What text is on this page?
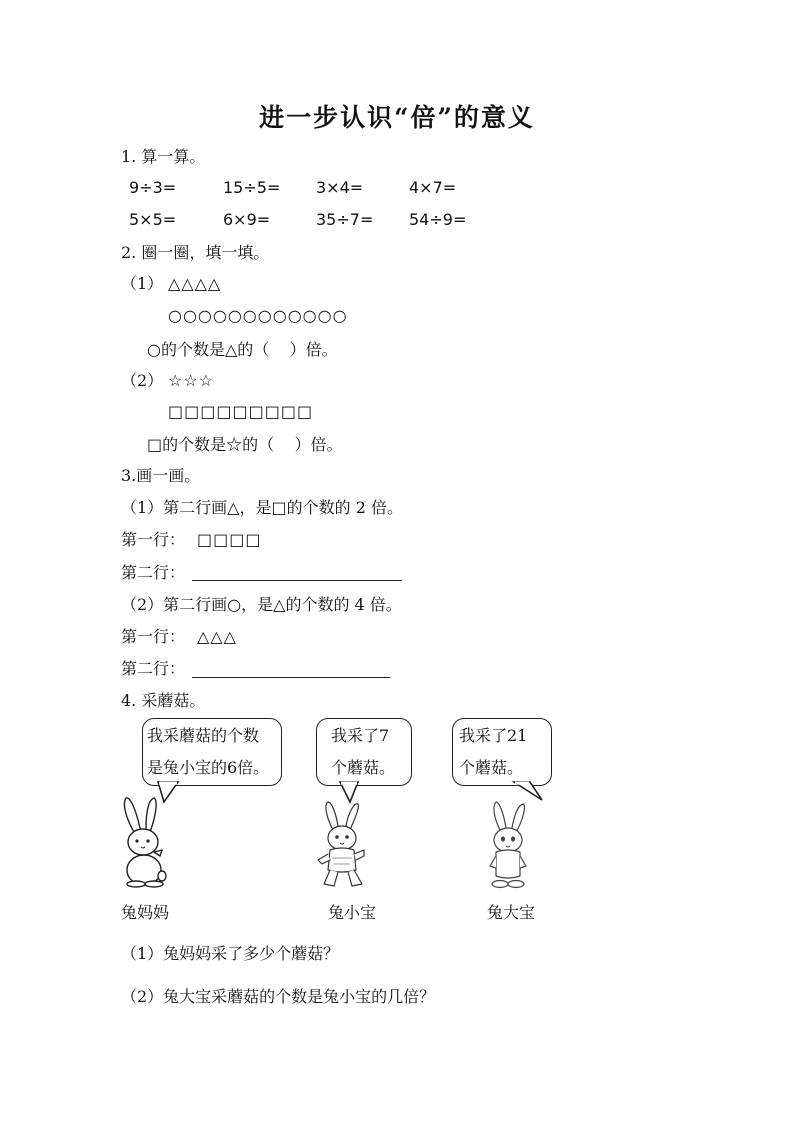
进一步认识“倍”的意义
1. 算一算。
9÷3=	15÷5= 3×4=	4×7=
5×5=	6×9=	35÷7= 54÷9=
2. 圈一圈，填一填。
（1） △△△△
○○○○○○○○○○○○
○的个数是△的（    ）倍。
（2） ☆☆☆
□□□□□□□□□
□的个数是☆的（    ）倍。
3.画一画。
（1）第二行画△，是□的个数的 2 倍。
第一行： □□□□
第二行：
（2）第二行画○，是△的个数的 4 倍。
第一行： △△△
第二行：
4. 采蘑菇。
我采蘑菇的个数
是兔小宝的6倍。
我采了7
个蘑菇。
我采了21
个蘑菇。
兔妈妈	兔小宝	兔大宝
（1）兔妈妈采了多少个蘑菇？
（2）兔大宝采蘑菇的个数是兔小宝的几倍？
